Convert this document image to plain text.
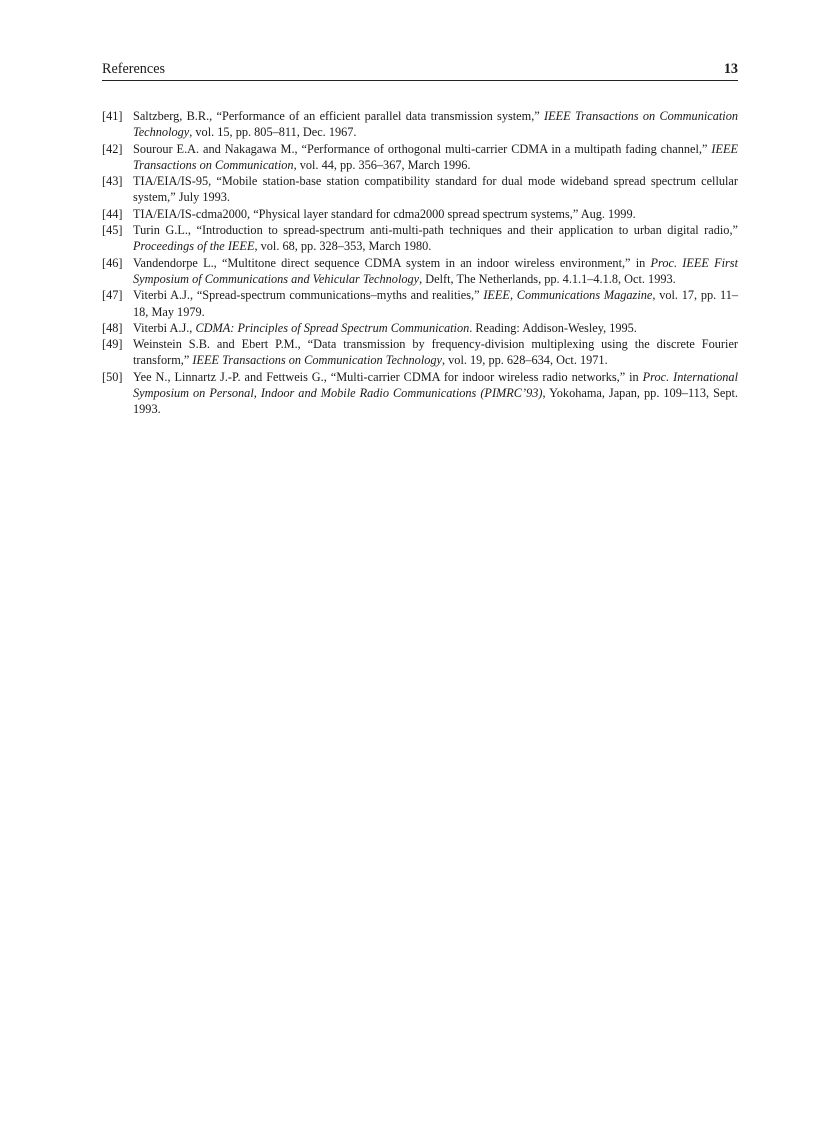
References	13
[41] Saltzberg, B.R., “Performance of an efficient parallel data transmission system,” IEEE Transactions on Communication Technology, vol. 15, pp. 805–811, Dec. 1967.
[42] Sourour E.A. and Nakagawa M., “Performance of orthogonal multi-carrier CDMA in a multipath fading channel,” IEEE Transactions on Communication, vol. 44, pp. 356–367, March 1996.
[43] TIA/EIA/IS-95, “Mobile station-base station compatibility standard for dual mode wideband spread spectrum cellular system,” July 1993.
[44] TIA/EIA/IS-cdma2000, “Physical layer standard for cdma2000 spread spectrum systems,” Aug. 1999.
[45] Turin G.L., “Introduction to spread-spectrum anti-multi-path techniques and their application to urban digital radio,” Proceedings of the IEEE, vol. 68, pp. 328–353, March 1980.
[46] Vandendorpe L., “Multitone direct sequence CDMA system in an indoor wireless environment,” in Proc. IEEE First Symposium of Communications and Vehicular Technology, Delft, The Netherlands, pp. 4.1.1–4.1.8, Oct. 1993.
[47] Viterbi A.J., “Spread-spectrum communications–myths and realities,” IEEE, Communications Magazine, vol. 17, pp. 11–18, May 1979.
[48] Viterbi A.J., CDMA: Principles of Spread Spectrum Communication. Reading: Addison-Wesley, 1995.
[49] Weinstein S.B. and Ebert P.M., “Data transmission by frequency-division multiplexing using the discrete Fourier transform,” IEEE Transactions on Communication Technology, vol. 19, pp. 628–634, Oct. 1971.
[50] Yee N., Linnartz J.-P. and Fettweis G., “Multi-carrier CDMA for indoor wireless radio networks,” in Proc. International Symposium on Personal, Indoor and Mobile Radio Communications (PIMRC’93), Yokohama, Japan, pp. 109–113, Sept. 1993.
